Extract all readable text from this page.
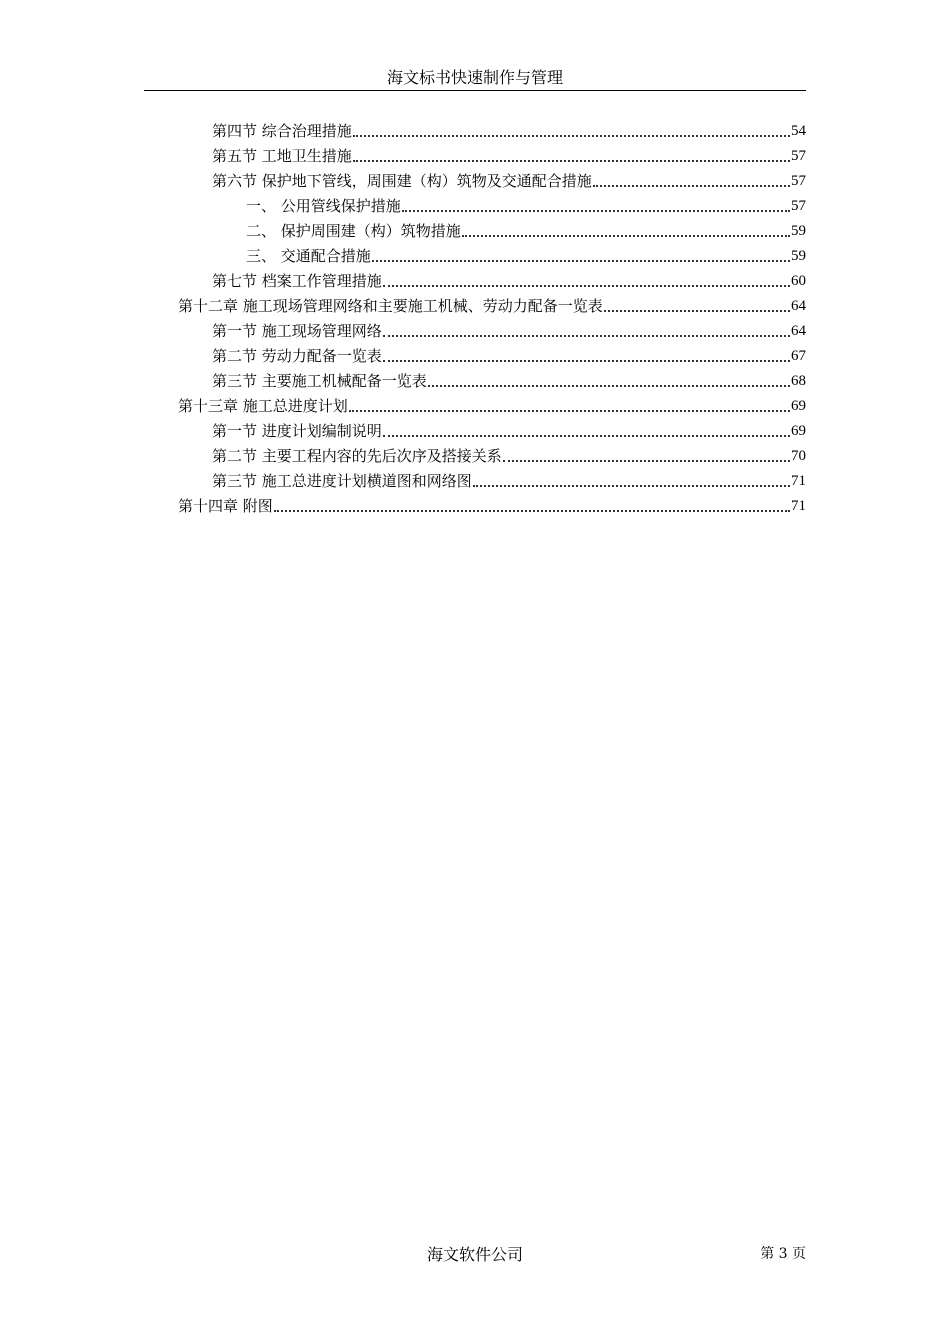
海文标书快速制作与管理
第四节 综合治理措施	54
第五节 工地卫生措施	57
第六节 保护地下管线，周围建（构）筑物及交通配合措施	57
一、 公用管线保护措施	57
二、 保护周围建（构）筑物措施	59
三、 交通配合措施	59
第七节 档案工作管理措施	60
第十二章 施工现场管理网络和主要施工机械、劳动力配备一览表	64
第一节 施工现场管理网络	64
第二节 劳动力配备一览表	67
第三节 主要施工机械配备一览表	68
第十三章 施工总进度计划	69
第一节 进度计划编制说明	69
第二节 主要工程内容的先后次序及搭接关系	70
第三节 施工总进度计划横道图和网络图	71
第十四章 附图	71
海文软件公司	第 3 页
